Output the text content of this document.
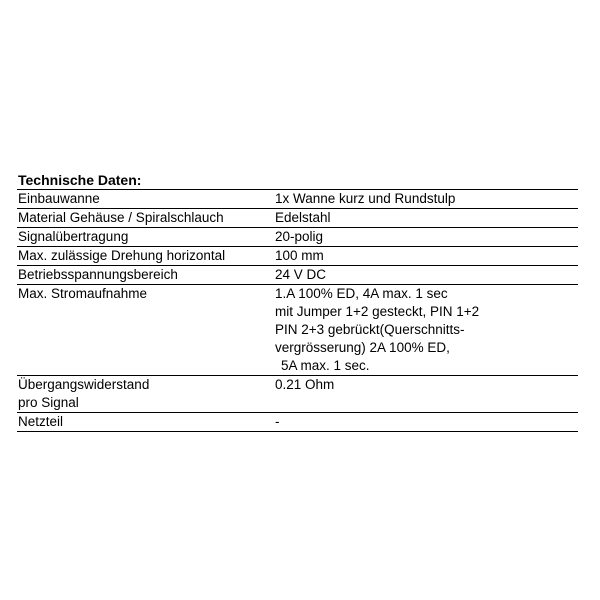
Technische Daten:
Einbauwanne	1x Wanne kurz und Rundstulp

Material Gehäuse / Spiralschlauch	Edelstahl

Signalübertragung	20-polig

Max. zulässige Drehung horizontal	100 mm

Betriebsspannungsbereich	24 V DC

Max. Stromaufnahme	1.A 100% ED, 4A max. 1 sec
mit Jumper 1+2 gesteckt, PIN 1+2
PIN 2+3 gebrückt(Querschnitts-
vergrösserung) 2A 100% ED,
5A max. 1 sec.

Übergangswiderstand
pro Signal	0.21 Ohm

Netzteil	-
